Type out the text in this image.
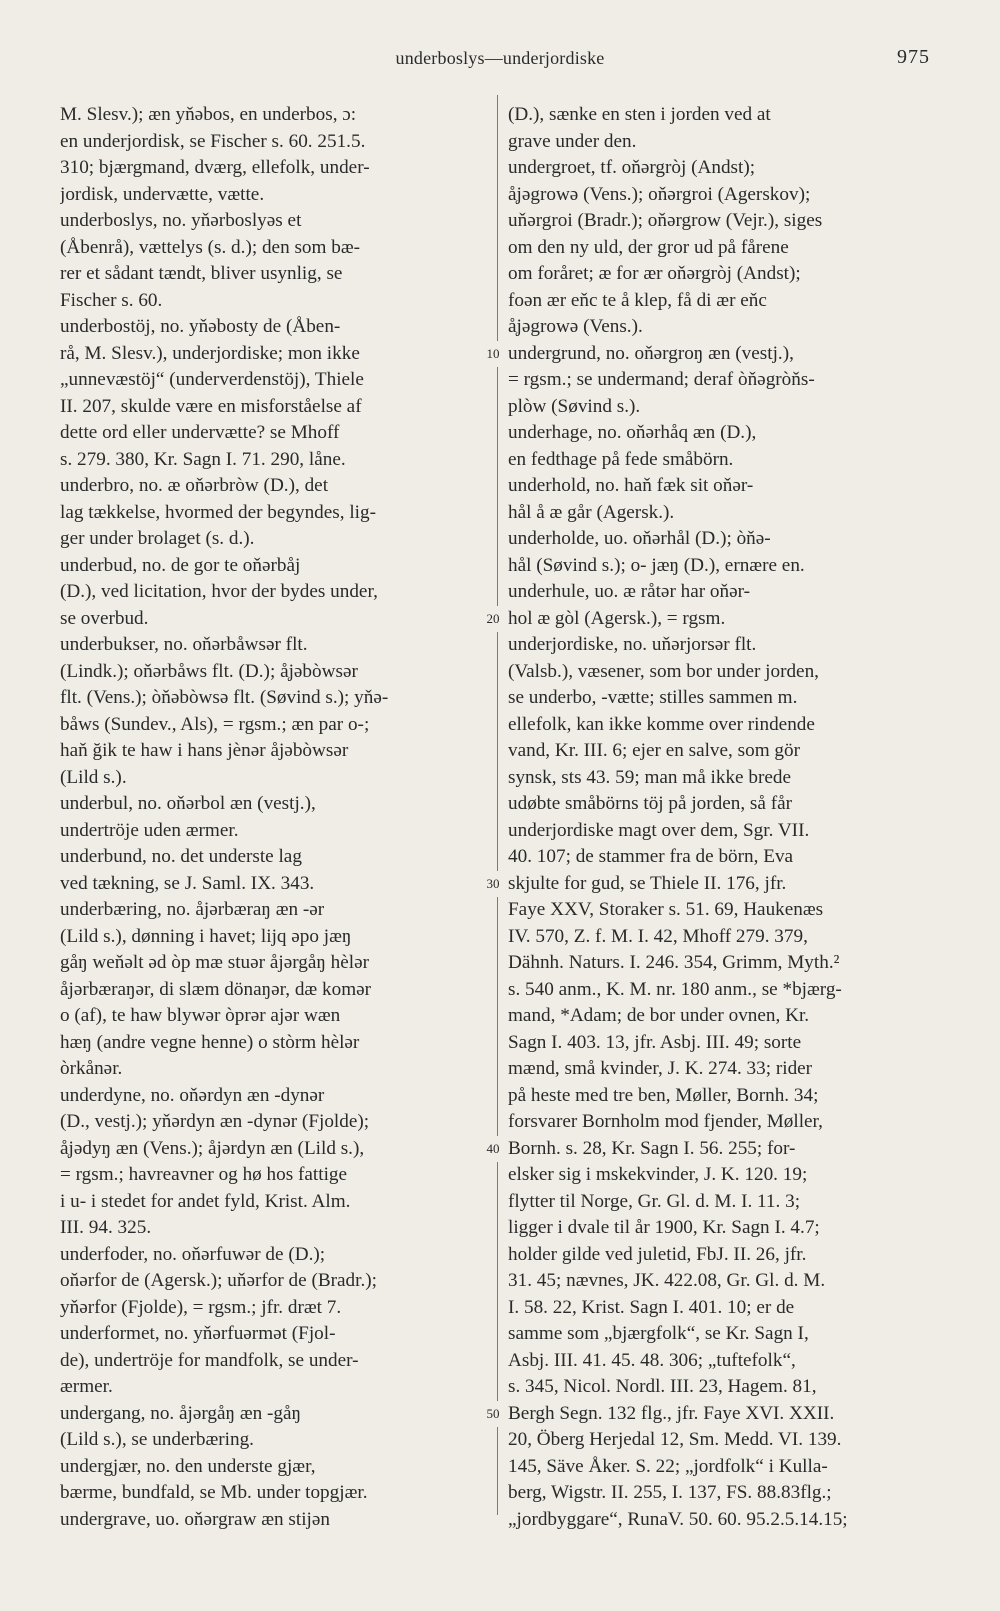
underboslys—underjordiske	975
M. Slesv.); æn yňəbos, en underbos, ɔ:
en underjordisk, se Fischer s. 60. 251.5.
310; bjærgmand, dværg, ellefolk, under-
jordisk, undervætte, vætte.
underboslys, no. yňərboslyəs et
(Åbenrå), vættelys (s. d.); den som bæ-
rer et sådant tændt, bliver usynlig, se
Fischer s. 60.
underbostöj, no. yňəbosty de (Åben-
rå, M. Slesv.), underjordiske; mon ikke
„unnevæstöj“ (underverdenstöj), Thiele
II. 207, skulde være en misforståelse af
dette ord eller undervætte? se Mhoff
s. 279. 380, Kr. Sagn I. 71. 290, låne.
underbro, no. æ oňərbròw (D.), det
lag tækkelse, hvormed der begyndes, lig-
ger under brolaget (s. d.).
underbud, no. de gor te oňərbåj
(D.), ved licitation, hvor der bydes under,
se overbud.
underbukser, no. oňərbåwsər flt.
(Lindk.); oňərbåws flt. (D.); å̜jəbòwsər
flt. (Vens.); òňəbòwsə flt. (Søvind s.); yňə-
båws (Sundev., Als), = rgsm.; æn par o-;
haň ğik te haw i hans jènər åjəbòwsər
(Lild s.).
underbul, no. oňərbol æn (vestj.),
undertröje uden ærmer.
underbund, no. det underste lag
ved tækning, se J. Saml. IX. 343.
underbæring, no. åjərbæraŋ æn -ər
(Lild s.), dønning i havet; lijq əpo jæŋ
gåŋ weňəlt əd òp mæ stuər åjərgåŋ hèlər
åjərbæraŋər, di slæm dönaŋər, dæ komər
o (af), te haw blywər òprər ajər wæn
hæŋ (andre vegne henne) o stòrm hèlər
òrkånər.
underdyne, no. oňərdyn æn -dynər
(D., vestj.); yňərdyn æn -dynər (Fjolde);
å̜jədyŋ æn (Vens.); åjərdyn æn (Lild s.),
= rgsm.; havreavner og hø hos fattige
i u- i stedet for andet fyld, Krist. Alm.
III. 94. 325.
underfoder, no. oňərfuwər de (D.);
oňərfor de (Agersk.); uňərfor de (Bradr.);
yňərfor (Fjolde), = rgsm.; jfr. dræt 7.
underformet, no. yňərfuərmət (Fjol-
de), undertröje for mandfolk, se under-
ærmer.
undergang, no. åjərgåŋ æn -gåŋ
(Lild s.), se underbæring.
undergjær, no. den underste gjær,
bærme, bundfald, se Mb. under topgjær.
undergrave, uo. oňərgraw æn stijən
10
20
30
40
50
(D.), sænke en sten i jorden ved at
grave under den.
undergroet, tf. oňərgròj (Andst);
å̜jəgrowə (Vens.); oňərgroi (Agerskov);
uňərgroi (Bradr.); oňərgrow (Vejr.), siges
om den ny uld, der gror ud på fårene
om foråret; æ for ær oňərgròj (Andst);
foən ær eňc te å klep, få di ær eňc
å̜jəgrowə (Vens.).
undergrund, no. oňərgroŋ æn (vestj.),
= rgsm.; se undermand; deraf òňəgròňs-
plòw (Søvind s.).
underhage, no. oňərhåq æn (D.),
en fedthage på fede småbörn.
underhold, no. haň fæk sit oňər-
hål å æ går (Agersk.).
underholde, uo. oňərhål (D.); òňə-
hål (Søvind s.); o- jæŋ (D.), ernære en.
underhule, uo. æ råtər har oňər-
hol æ gòl (Agersk.), = rgsm.
underjordiske, no. uňərjorsər flt.
(Valsb.), væsener, som bor under jorden,
se underbo, -vætte; stilles sammen m.
ellefolk, kan ikke komme over rindende
vand, Kr. III. 6; ejer en salve, som gör
synsk, sts 43. 59; man må ikke brede
udøbte småbörns töj på jorden, så får
underjordiske magt over dem, Sgr. VII.
40. 107; de stammer fra de börn, Eva
skjulte for gud, se Thiele II. 176, jfr.
Faye XXV, Storaker s. 51. 69, Haukenæs
IV. 570, Z. f. M. I. 42, Mhoff 279. 379,
Dähnh. Naturs. I. 246. 354, Grimm, Myth.²
s. 540 anm., K. M. nr. 180 anm., se *bjærg-
mand, *Adam; de bor under ovnen, Kr.
Sagn I. 403. 13, jfr. Asbj. III. 49; sorte
mænd, små kvinder, J. K. 274. 33; rider
på heste med tre ben, Møller, Bornh. 34;
forsvarer Bornholm mod fjender, Møller,
Bornh. s. 28, Kr. Sagn I. 56. 255; for-
elsker sig i mskekvinder, J. K. 120. 19;
flytter til Norge, Gr. Gl. d. M. I. 11. 3;
ligger i dvale til år 1900, Kr. Sagn I. 4.7;
holder gilde ved juletid, FbJ. II. 26, jfr.
31. 45; nævnes, JK. 422.08, Gr. Gl. d. M.
I. 58. 22, Krist. Sagn I. 401. 10; er de
samme som „bjærgfolk“, se Kr. Sagn I,
Asbj. III. 41. 45. 48. 306; „tuftefolk“,
s. 345, Nicol. Nordl. III. 23, Hagem. 81,
Bergh Segn. 132 flg., jfr. Faye XVI. XXII.
20, Öberg Herjedal 12, Sm. Medd. VI. 139.
145, Säve Åker. S. 22; „jordfolk“ i Kulla-
berg, Wigstr. II. 255, I. 137, FS. 88.83flg.;
„jordbyggare“, RunaV. 50. 60. 95.2.5.14.15;
